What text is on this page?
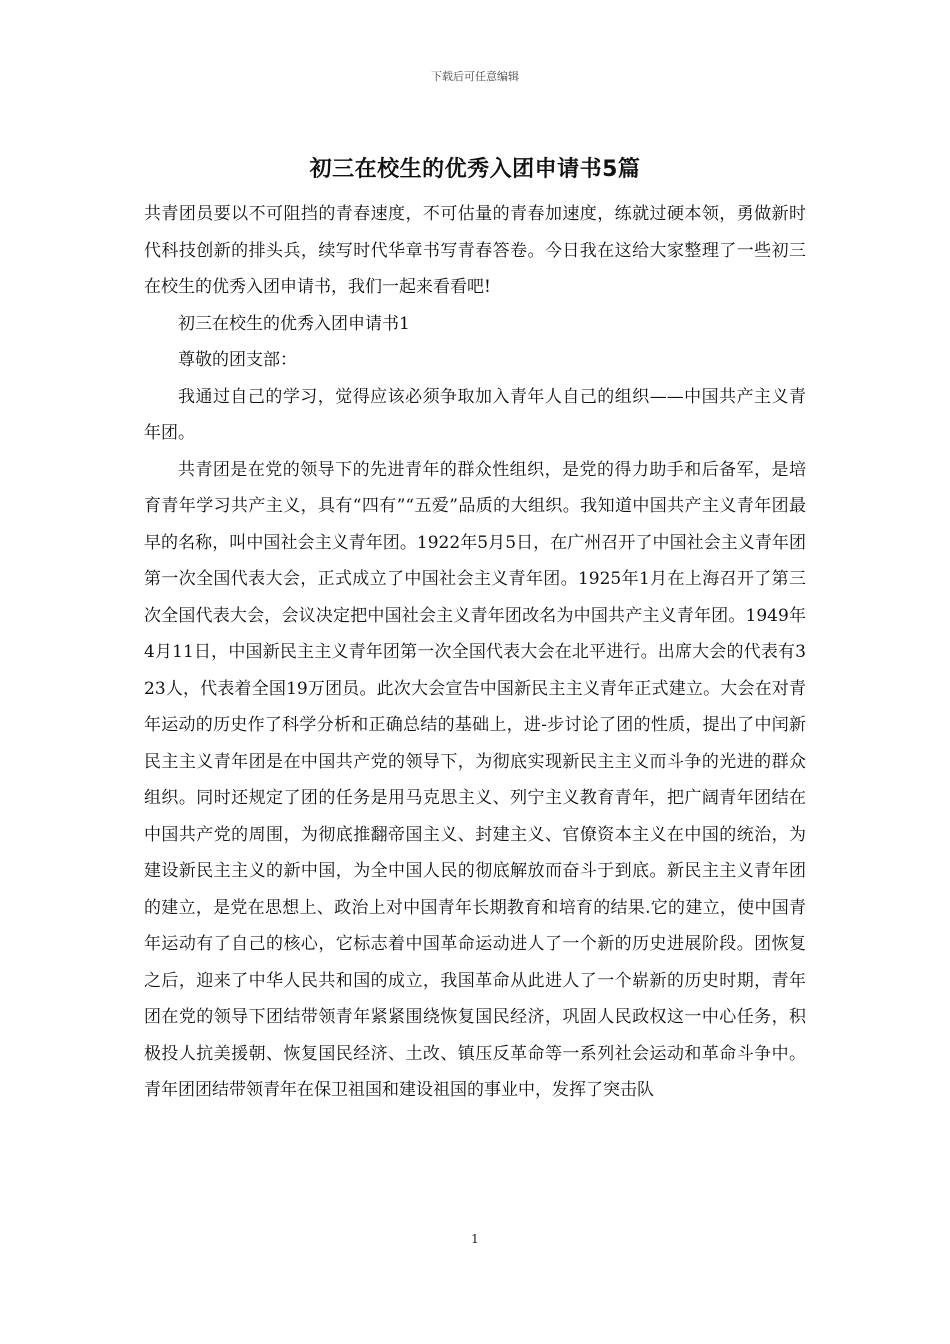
下载后可任意编辑
初三在校生的优秀入团申请书5篇

共青团员要以不可阻挡的青春速度，不可估量的青春加速度，练就过硬本领，勇做新时代科技创新的排头兵，续写时代华章书写青春答卷。今日我在这给大家整理了一些初三在校生的优秀入团申请书，我们一起来看看吧!

初三在校生的优秀入团申请书1

尊敬的团支部：

我通过自己的学习，觉得应该必须争取加入青年人自己的组织——中国共产主义青年团。

共青团是在党的领导下的先进青年的群众性组织，是党的得力助手和后备军，是培育青年学习共产主义，具有“四有”“五爱”品质的大组织。我知道中国共产主义青年团最早的名称，叫中国社会主义青年团。1922年5月5日，在广州召开了中国社会主义青年团第一次全国代表大会，正式成立了中国社会主义青年团。1925年1月在上海召开了第三次全国代表大会，会议决定把中国社会主义青年团改名为中国共产主义青年团。1949年4月11日，中国新民主主义青年团第一次全国代表大会在北平进行。出席大会的代表有323人，代表着全国19万团员。此次大会宣告中国新民主主义青年正式建立。大会在对青年运动的历史作了科学分析和正确总结的基础上，进-步讨论了团的性质，提出了中闰新民主主义青年团是在中国共产党的领导下，为彻底实现新民主主义而斗争的光进的群众组织。同时还规定了团的任务是用马克思主义、列宁主义教育青年，把广阔青年团结在中国共产党的周围，为彻底推翻帝国主义、封建主义、官僚资本主义在中国的统治，为建设新民主主义的新中国，为全中国人民的彻底解放而奋斗于到底。新民主主义青年团的建立，是党在思想上、政治上对中国青年长期教育和培育的结果.它的建立，使中国青年运动有了自己的核心，它标志着中国革命运动进人了一个新的历史进展阶段。团恢复之后，迎来了中华人民共和国的成立，我国革命从此进人了一个崭新的历史时期，青年团在党的领导下团结带领青年紧紧围绕恢复国民经济，巩固人民政权这一中心任务，积极投人抗美援朝、恢复国民经济、土改、镇压反革命等一系列社会运动和革命斗争中。青年团团结带领青年在保卫祖国和建设祖国的事业中，发挥了突击队

1
